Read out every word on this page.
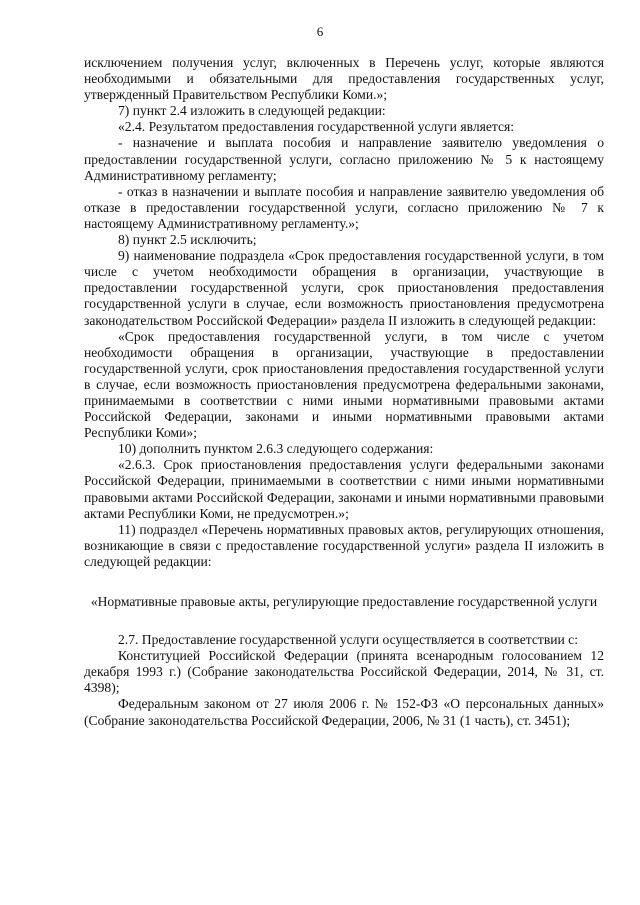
6

исключением получения услуг, включенных в Перечень услуг, которые являются необходимыми и обязательными для предоставления государственных услуг, утвержденный Правительством Республики Коми.»;

7) пункт 2.4 изложить в следующей редакции:

«2.4. Результатом предоставления государственной услуги является:

- назначение и выплата пособия и направление заявителю уведомления о предоставлении государственной услуги, согласно приложению № 5 к настоящему Административному регламенту;

- отказ в назначении и выплате пособия и направление заявителю уведомления об отказе в предоставлении государственной услуги, согласно приложению № 7 к настоящему Административному регламенту.»;

8) пункт 2.5 исключить;

9) наименование подраздела «Срок предоставления государственной услуги, в том числе с учетом необходимости обращения в организации, участвующие в предоставлении государственной услуги, срок приостановления предоставления государственной услуги в случае, если возможность приостановления предусмотрена законодательством Российской Федерации» раздела II изложить в следующей редакции:

«Срок предоставления государственной услуги, в том числе с учетом необходимости обращения в организации, участвующие в предоставлении государственной услуги, срок приостановления предоставления государственной услуги в случае, если возможность приостановления предусмотрена федеральными законами, принимаемыми в соответствии с ними иными нормативными правовыми актами Российской Федерации, законами и иными нормативными правовыми актами Республики Коми»;

10) дополнить пунктом 2.6.3 следующего содержания:

«2.6.3. Срок приостановления предоставления услуги федеральными законами Российской Федерации, принимаемыми в соответствии с ними иными нормативными правовыми актами Российской Федерации, законами и иными нормативными правовыми актами Республики Коми, не предусмотрен.»;

11) подраздел «Перечень нормативных правовых актов, регулирующих отношения, возникающие в связи с предоставление государственной услуги» раздела II изложить в следующей редакции:

«Нормативные правовые акты, регулирующие предоставление государственной услуги

2.7. Предоставление государственной услуги осуществляется в соответствии с:

Конституцией Российской Федерации (принята всенародным голосованием 12 декабря 1993 г.) (Собрание законодательства Российской Федерации, 2014, № 31, ст. 4398);

Федеральным законом от 27 июля 2006 г. № 152-ФЗ «О персональных данных» (Собрание законодательства Российской Федерации, 2006, № 31 (1 часть), ст. 3451);
